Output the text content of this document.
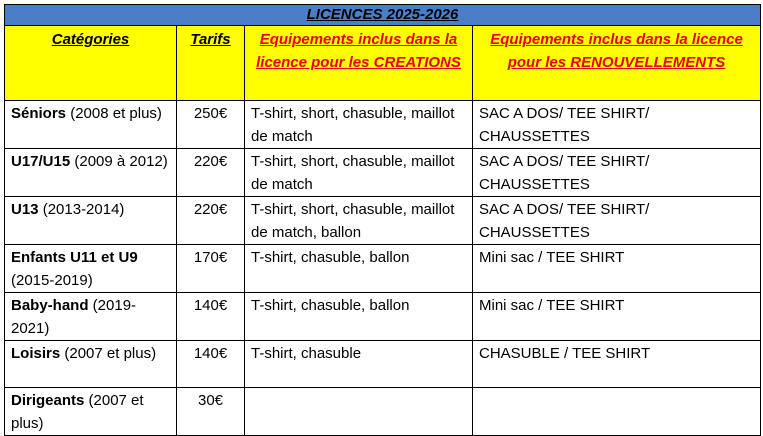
LICENCES 2025-2026			
Catégories	Tarifs	Equipements inclus dans la licence pour les CREATIONS	Equipements inclus dans la licence pour les RENOUVELLEMENTS
Séniors (2008 et plus)	250€	T-shirt, short, chasuble, maillot de match	SAC A DOS/ TEE SHIRT/ CHAUSSETTES
U17/U15 (2009 à 2012)	220€	T-shirt, short, chasuble, maillot de match	SAC A DOS/ TEE SHIRT/ CHAUSSETTES
U13 (2013-2014)	220€	T-shirt, short, chasuble, maillot de match, ballon	SAC A DOS/ TEE SHIRT/ CHAUSSETTES
Enfants U11 et U9 (2015-2019)	170€	T-shirt, chasuble, ballon	Mini sac / TEE SHIRT
Baby-hand (2019-2021)	140€	T-shirt, chasuble, ballon	Mini sac / TEE SHIRT
Loisirs (2007 et plus)	140€	T-shirt, chasuble	CHASUBLE / TEE SHIRT
Dirigeants (2007 et plus)	30€		
